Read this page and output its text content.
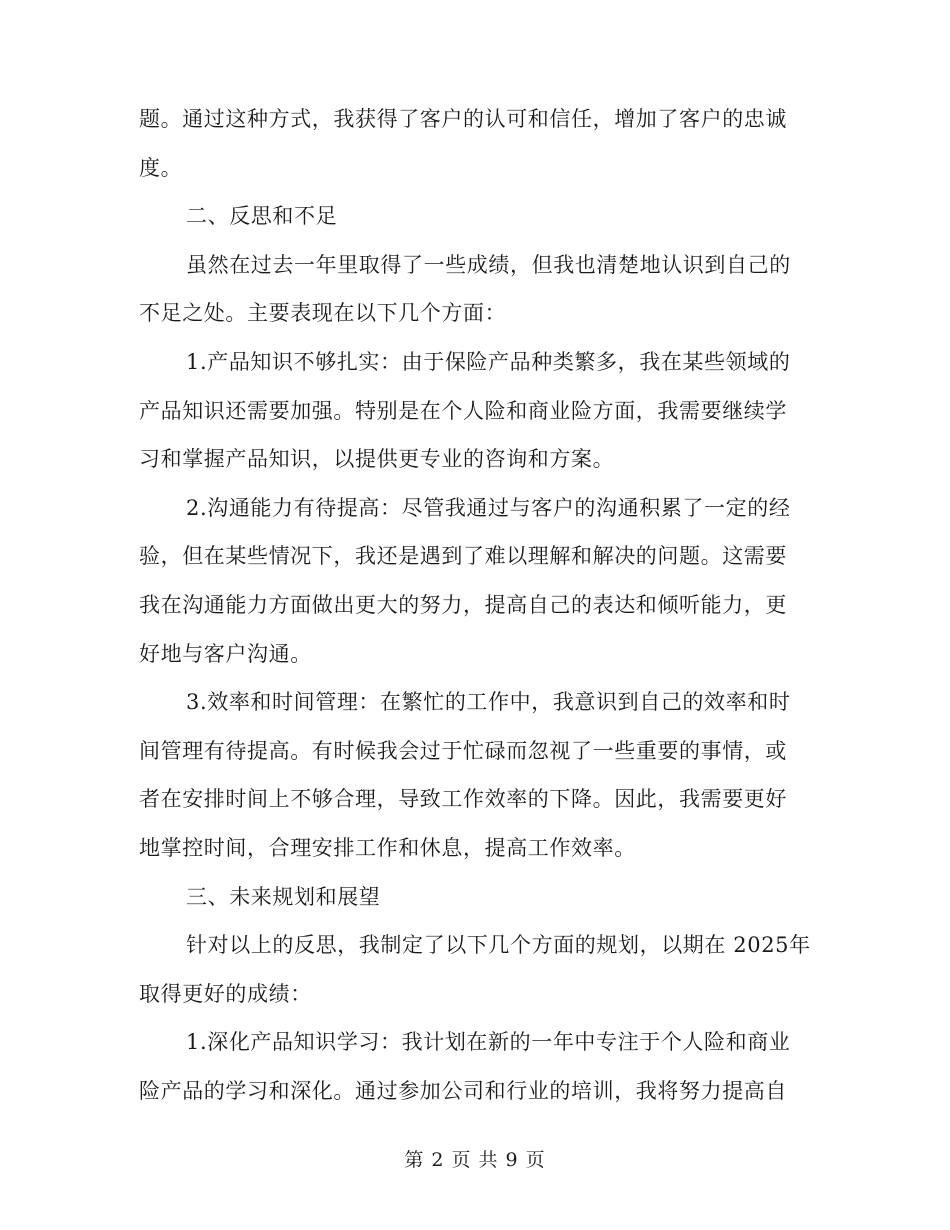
题。通过这种方式，我获得了客户的认可和信任，增加了客户的忠诚
度。
二、反思和不足
虽然在过去一年里取得了一些成绩，但我也清楚地认识到自己的
不足之处。主要表现在以下几个方面：
1.产品知识不够扎实：由于保险产品种类繁多，我在某些领域的
产品知识还需要加强。特别是在个人险和商业险方面，我需要继续学
习和掌握产品知识，以提供更专业的咨询和方案。
2.沟通能力有待提高：尽管我通过与客户的沟通积累了一定的经
验，但在某些情况下，我还是遇到了难以理解和解决的问题。这需要
我在沟通能力方面做出更大的努力，提高自己的表达和倾听能力，更
好地与客户沟通。
3.效率和时间管理：在繁忙的工作中，我意识到自己的效率和时
间管理有待提高。有时候我会过于忙碌而忽视了一些重要的事情，或
者在安排时间上不够合理，导致工作效率的下降。因此，我需要更好
地掌控时间，合理安排工作和休息，提高工作效率。
三、未来规划和展望
针对以上的反思，我制定了以下几个方面的规划，以期在 2025年
取得更好的成绩：
1.深化产品知识学习：我计划在新的一年中专注于个人险和商业
险产品的学习和深化。通过参加公司和行业的培训，我将努力提高自
第 2 页 共 9 页
